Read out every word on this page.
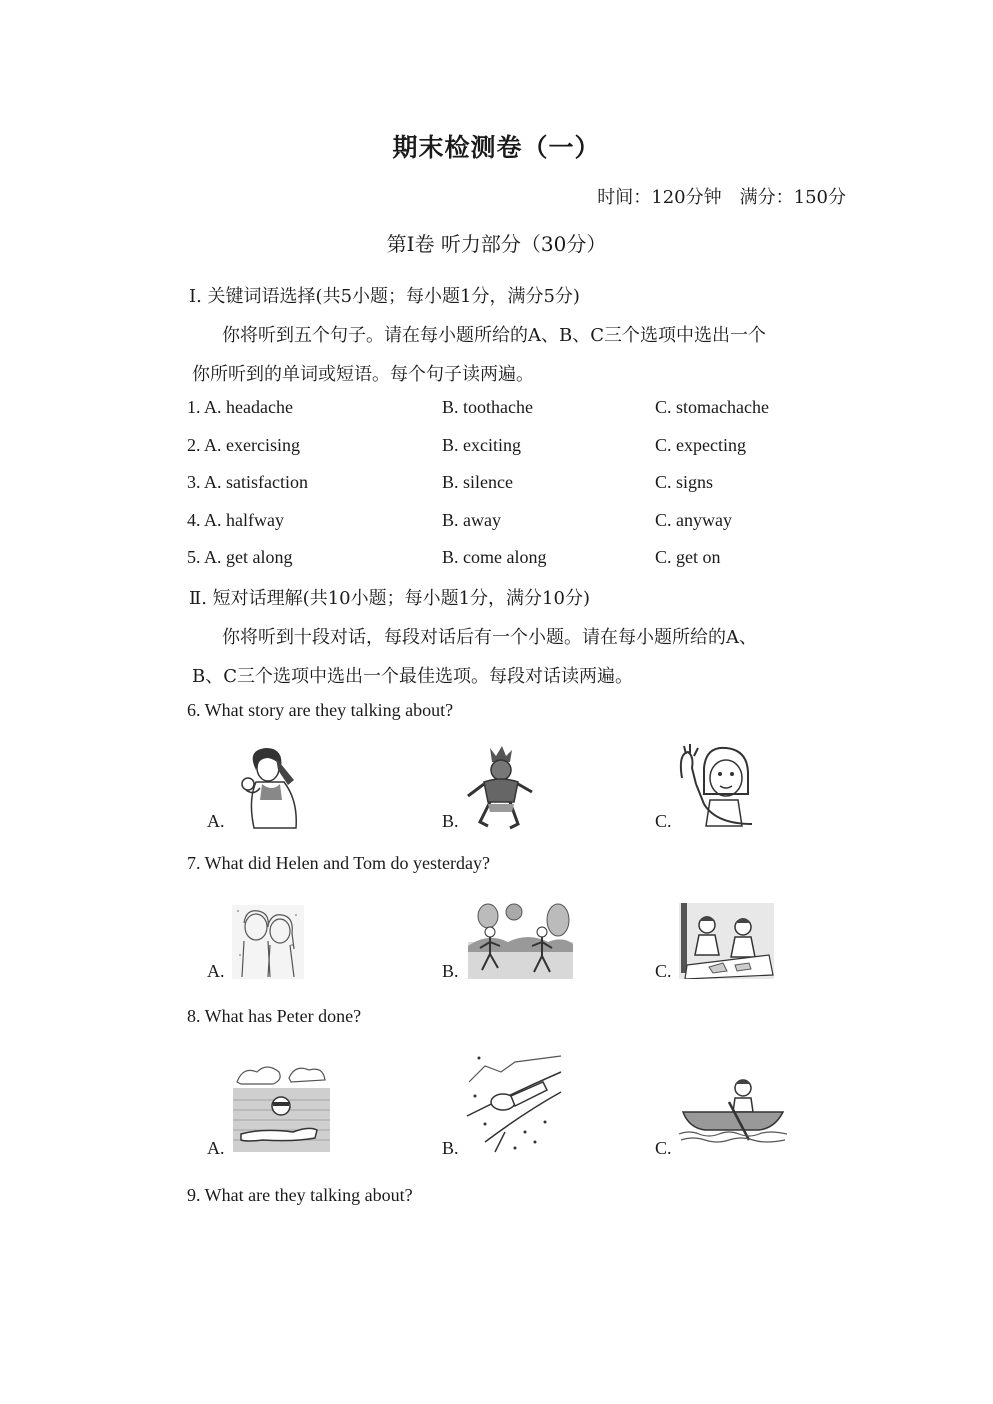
期末检测卷（一）
时间：120分钟　满分：150分
第Ⅰ卷 听力部分（30分）
Ⅰ. 关键词语选择(共5小题；每小题1分，满分5分)
你将听到五个句子。请在每小题所给的A、B、C三个选项中选出一个
你所听到的单词或短语。每个句子读两遍。
1. A. headache	B. toothache	C. stomachache
2. A. exercising	B. exciting	C. expecting
3. A. satisfaction	B. silence	C. signs
4. A. halfway	B. away	C. anyway
5. A. get along	B. come along	C. get on
Ⅱ. 短对话理解(共10小题；每小题1分，满分10分)
你将听到十段对话，每段对话后有一个小题。请在每小题所给的A、
B、C三个选项中选出一个最佳选项。每段对话读两遍。
6. What story are they talking about?
A.	B.	C.
7. What did Helen and Tom do yesterday?
A.	B.	C.
8. What has Peter done?
A.	B.	C.
9. What are they talking about?
